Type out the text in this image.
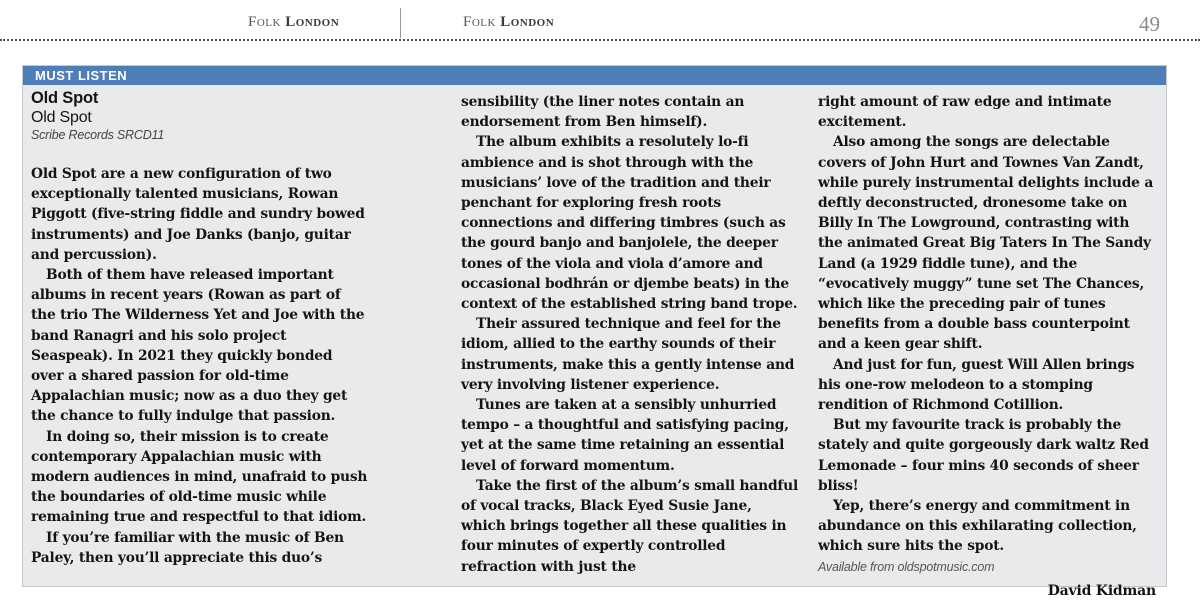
Folk
London	Folk
London	49
MUST LISTEN
Old Spot
Old Spot
Scribe Records SRCD11

Old Spot are a new configuration of two exceptionally talented musicians, Rowan Piggott (five-string fiddle and sundry bowed instruments) and Joe Danks (banjo, guitar and percussion).

Both of them have released important albums in recent years (Rowan as part of the trio The Wilderness Yet and Joe with the band Ranagri and his solo project Seaspeak). In 2021 they quickly bonded over a shared passion for old-time Appalachian music; now as a duo they get the chance to fully indulge that passion.

In doing so, their mission is to create contemporary Appalachian music with modern audiences in mind, unafraid to push the boundaries of old-time music while remaining true and respectful to that idiom.

If you’re familiar with the music of Ben Paley, then you’ll appreciate this duo’s

sensibility (the liner notes contain an endorsement from Ben himself).

The album exhibits a resolutely lo-fi ambience and is shot through with the musicians’ love of the tradition and their penchant for exploring fresh roots connections and differing timbres (such as the gourd banjo and banjolele, the deeper tones of the viola and viola d’amore and occasional bodhrán or djembe beats) in the context of the established string band trope.

Their assured technique and feel for the idiom, allied to the earthy sounds of their instruments, make this a gently intense and very involving listener experience.

Tunes are taken at a sensibly unhurried tempo – a thoughtful and satisfying pacing, yet at the same time retaining an essential level of forward momentum.

Take the first of the album’s small handful of vocal tracks, Black Eyed Susie Jane, which brings together all these qualities in four minutes of expertly controlled refraction with just the

right amount of raw edge and intimate excitement.

Also among the songs are delectable covers of John Hurt and Townes Van Zandt, while purely instrumental delights include a deftly deconstructed, dronesome take on Billy In The Lowground, contrasting with the animated Great Big Taters In The Sandy Land (a 1929 fiddle tune), and the “evocatively muggy” tune set The Chances, which like the preceding pair of tunes benefits from a double bass counterpoint and a keen gear shift.

And just for fun, guest Will Allen brings his one-row melodeon to a stomping rendition of Richmond Cotillion.

But my favourite track is probably the stately and quite gorgeously dark waltz Red Lemonade – four mins 40 seconds of sheer bliss!

Yep, there’s energy and commitment in abundance on this exhilarating collection, which sure hits the spot.

Available from oldspotmusic.com

David Kidman
